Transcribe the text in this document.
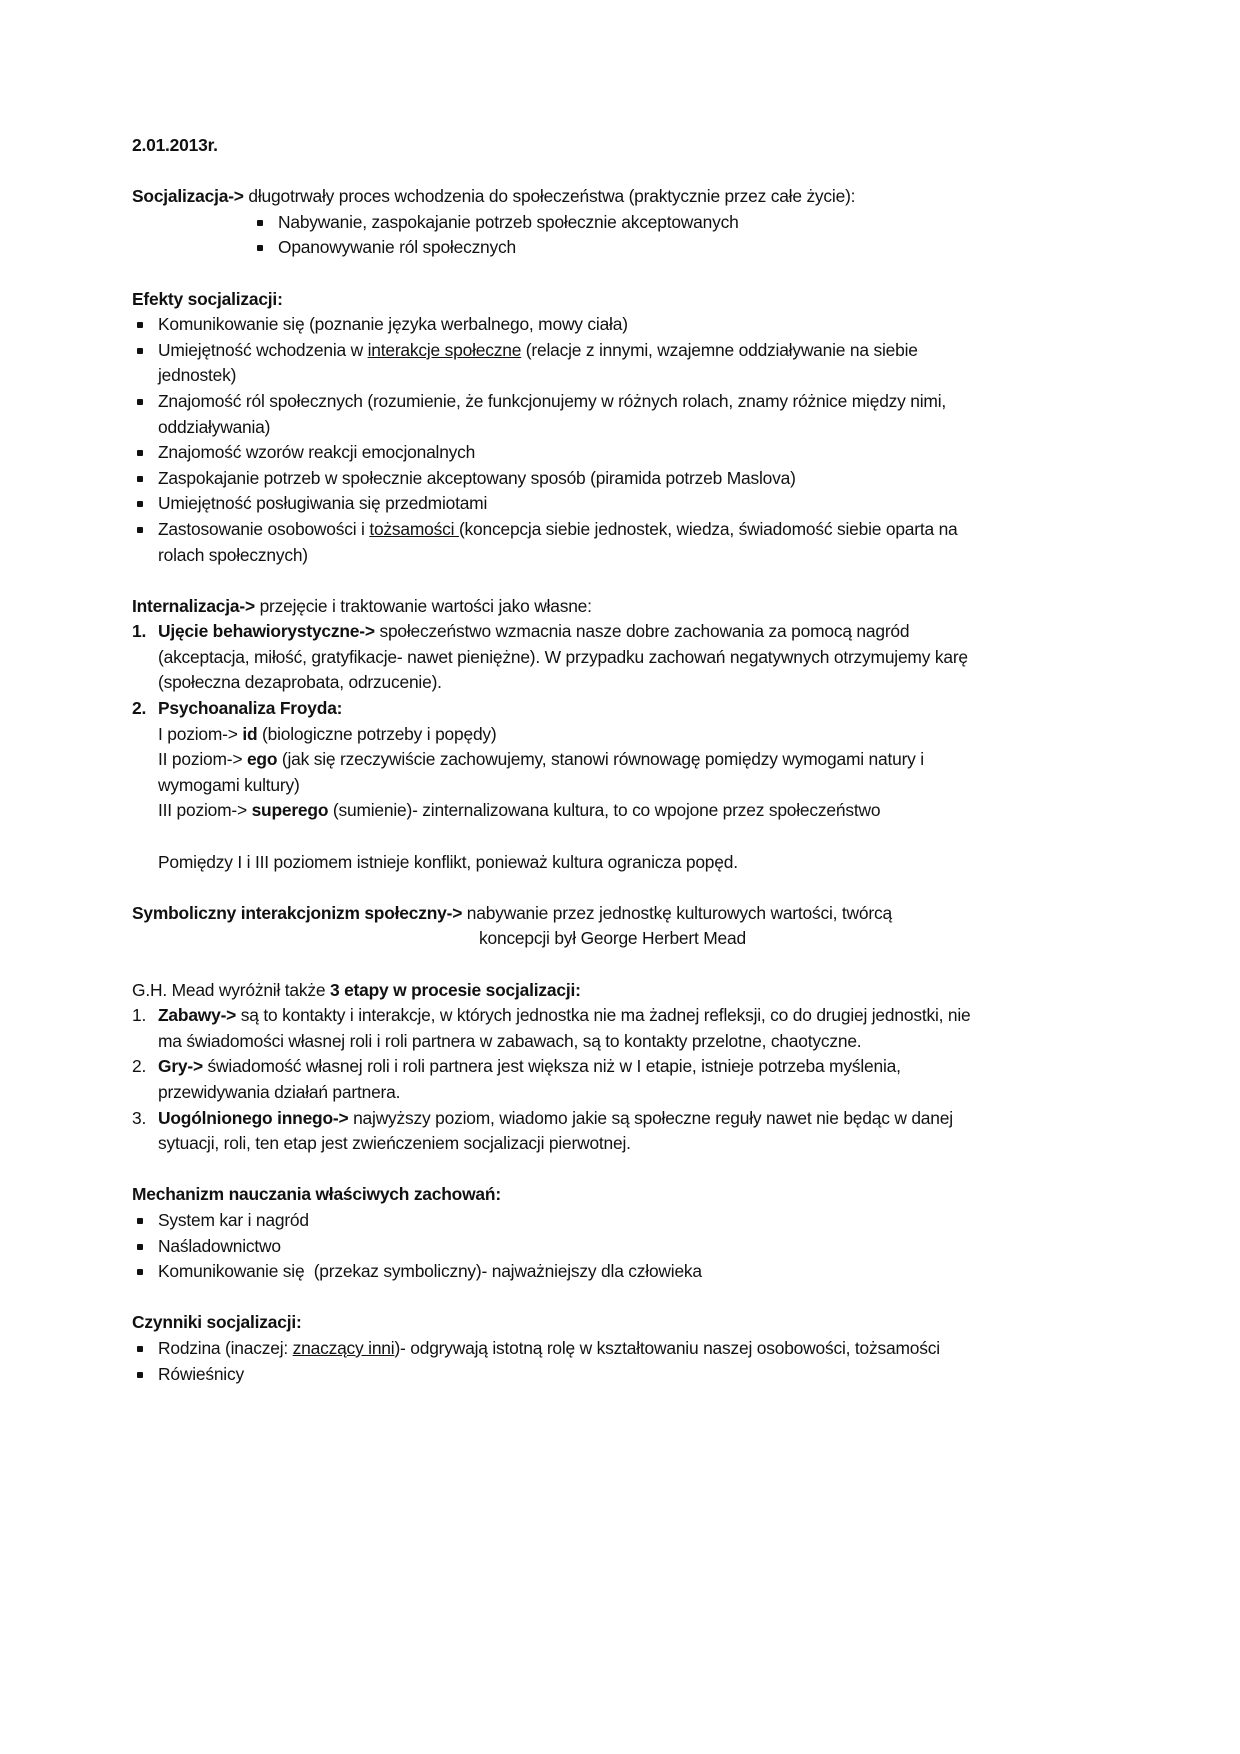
2.01.2013r.

Socjalizacja-> długotrwały proces wchodzenia do społeczeństwa (praktycznie przez całe życie):

Nabywanie, zaspokajanie potrzeb społecznie akceptowanych
Opanowywanie ról społecznych

Efekty socjalizacji:

Komunikowanie się (poznanie języka werbalnego, mowy ciała)
Umiejętność wchodzenia w interakcje społeczne (relacje z innymi, wzajemne oddziaływanie na siebie jednostek)
Znajomość ról społecznych (rozumienie, że funkcjonujemy w różnych rolach, znamy różnice między nimi, oddziaływania)
Znajomość wzorów reakcji emocjonalnych
Zaspokajanie potrzeb w społecznie akceptowany sposób (piramida potrzeb Maslova)
Umiejętność posługiwania się przedmiotami
Zastosowanie osobowości i tożsamości (koncepcja siebie jednostek, wiedza, świadomość siebie oparta na rolach społecznych)

Internalizacja-> przejęcie i traktowanie wartości jako własne:

1. Ujęcie behawiorystyczne-> społeczeństwo wzmacnia nasze dobre zachowania za pomocą nagród (akceptacja, miłość, gratyfikacje- nawet pieniężne). W przypadku zachowań negatywnych otrzymujemy karę (społeczna dezaprobata, odrzucenie).
2. Psychoanaliza Froyda:

I poziom-> id (biologiczne potrzeby i popędy)

II poziom-> ego (jak się rzeczywiście zachowujemy, stanowi równowagę pomiędzy wymogami natury i wymogami kultury)

III poziom-> superego (sumienie)- zinternalizowana kultura, to co wpojone przez społeczeństwo

Pomiędzy I i III poziomem istnieje konflikt, ponieważ kultura ogranicza popęd.

Symboliczny interakcjonizm społeczny-> nabywanie przez jednostkę kulturowych wartości, twórcą

koncepcji był George Herbert Mead

G.H. Mead wyróżnił także 3 etapy w procesie socjalizacji:

1. Zabawy-> są to kontakty i interakcje, w których jednostka nie ma żadnej refleksji, co do drugiej jednostki, nie ma świadomości własnej roli i roli partnera w zabawach, są to kontakty przelotne, chaotyczne.
2. Gry-> świadomość własnej roli i roli partnera jest większa niż w I etapie, istnieje potrzeba myślenia, przewidywania działań partnera.
3. Uogólnionego innego-> najwyższy poziom, wiadomo jakie są społeczne reguły nawet nie będąc w danej sytuacji, roli, ten etap jest zwieńczeniem socjalizacji pierwotnej.

Mechanizm nauczania właściwych zachowań:

System kar i nagród
Naśladownictwo
Komunikowanie się  (przekaz symboliczny)- najważniejszy dla człowieka

Czynniki socjalizacji:

Rodzina (inaczej: znaczący inni)- odgrywają istotną rolę w kształtowaniu naszej osobowości, tożsamości
Rówieśnicy
